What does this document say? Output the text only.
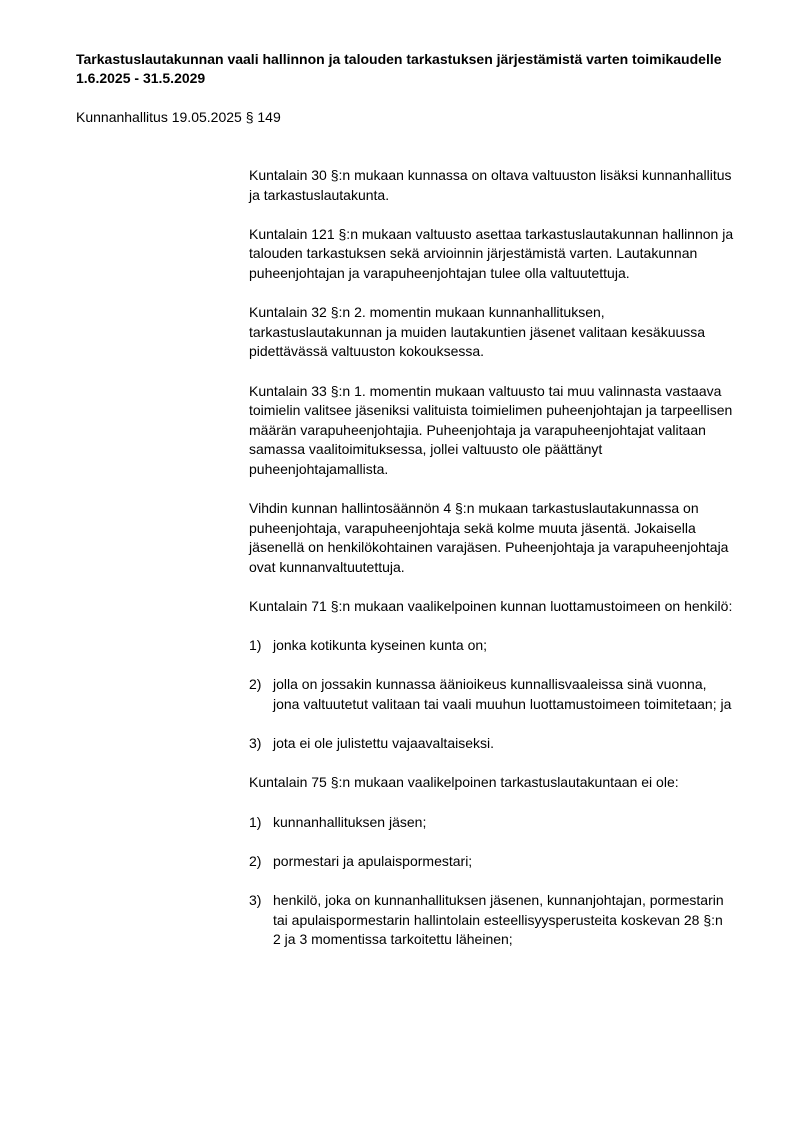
Tarkastuslautakunnan vaali hallinnon ja talouden tarkastuksen järjestämistä varten toimikaudelle 1.6.2025 - 31.5.2029

Kunnanhallitus 19.05.2025 § 149

Kuntalain 30 §:n mukaan kunnassa on oltava valtuuston lisäksi kunnanhallitus ja tarkastuslautakunta.

Kuntalain 121 §:n mukaan valtuusto asettaa tarkastuslautakunnan hallinnon ja talouden tarkastuksen sekä arvioinnin järjestämistä varten. Lautakunnan puheenjohtajan ja varapuheenjohtajan tulee olla valtuutettuja.

Kuntalain 32 §:n 2. momentin mukaan kunnanhallituksen, tarkastuslautakunnan ja muiden lautakuntien jäsenet valitaan kesäkuussa pidettävässä valtuuston kokouksessa.

Kuntalain 33 §:n 1. momentin mukaan valtuusto tai muu valinnasta vastaava toimielin valitsee jäseniksi valituista toimielimen puheenjohtajan ja tarpeellisen määrän varapuheenjohtajia. Puheenjohtaja ja varapuheenjohtajat valitaan samassa vaalitoimituksessa, jollei valtuusto ole päättänyt puheenjohtajamallista.

Vihdin kunnan hallintosäännön 4 §:n mukaan tarkastuslautakunnassa on puheenjohtaja, varapuheenjohtaja sekä kolme muuta jäsentä. Jokaisella jäsenellä on henkilökohtainen varajäsen. Puheenjohtaja ja varapuheenjohtaja ovat kunnanvaltuutettuja.

Kuntalain 71 §:n mukaan vaalikelpoinen kunnan luottamustoimeen on henkilö:

1) jonka kotikunta kyseinen kunta on;
2) jolla on jossakin kunnassa äänioikeus kunnallisvaaleissa sinä vuonna, jona valtuutetut valitaan tai vaali muuhun luottamustoimeen toimitetaan; ja
3) jota ei ole julistettu vajaavaltaiseksi.

Kuntalain 75 §:n mukaan vaalikelpoinen tarkastuslautakuntaan ei ole:

1) kunnanhallituksen jäsen;
2) pormestari ja apulaispormestari;
3) henkilö, joka on kunnanhallituksen jäsenen, kunnanjohtajan, pormestarin tai apulaispormestarin hallintolain esteellisyysperusteita koskevan 28 §:n 2 ja 3 momentissa tarkoitettu läheinen;
